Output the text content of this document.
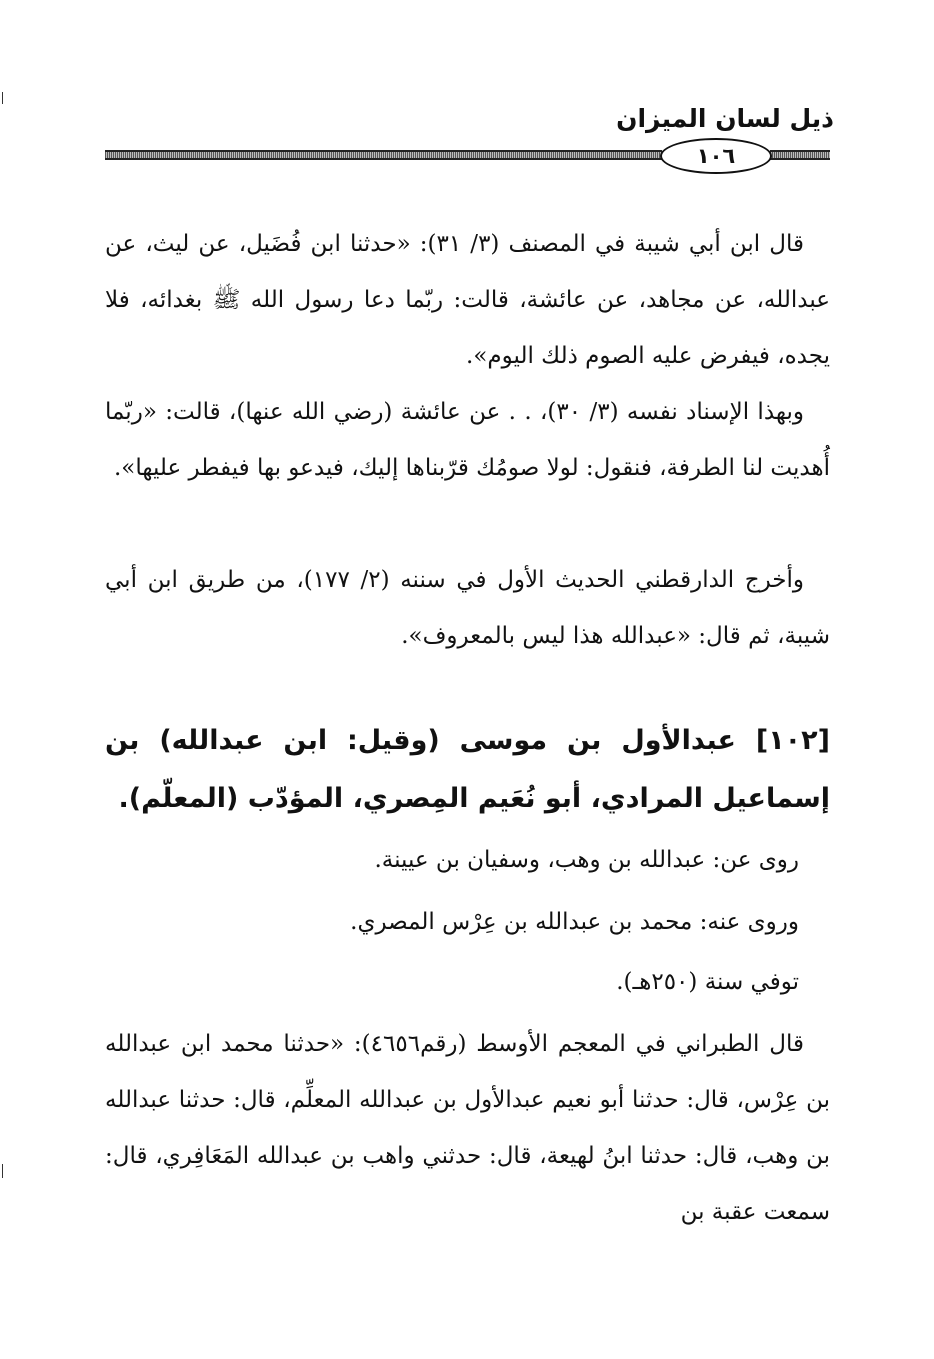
ذيل لسان الميزان
١٠٦

قال ابن أبي شيبة في المصنف (٣/ ٣١): «حدثنا ابن فُضَيل، عن ليث، عن عبدالله، عن مجاهد، عن عائشة، قالت: ربّما دعا رسول الله ﷺ بغدائه، فلا يجده، فيفرض عليه الصوم ذلك اليوم».

وبهذا الإسناد نفسه (٣/ ٣٠)، . . عن عائشة (رضي الله عنها)، قالت: «ربّما أُهديت لنا الطرفة، فنقول: لولا صومُك قرّبناها إليك، فيدعو بها فيفطر عليها».

وأخرج الدارقطني الحديث الأول في سننه (٢/ ١٧٧)، من طريق ابن أبي شيبة، ثم قال: «عبدالله هذا ليس بالمعروف».

[١٠٢] عبدالأول بن موسى (وقيل: ابن عبدالله) بن إسماعيل المرادي، أبو نُعَيم المِصري، المؤدّب (المعلّم).

روى عن: عبدالله بن وهب، وسفيان بن عيينة.
وروى عنه: محمد بن عبدالله بن عِرْس المصري.
توفي سنة (٢٥٠هـ).

قال الطبراني في المعجم الأوسط (رقم٤٦٥٦): «حدثنا محمد ابن عبدالله بن عِرْس، قال: حدثنا أبو نعيم عبدالأول بن عبدالله المعلِّم، قال: حدثنا عبدالله بن وهب، قال: حدثنا ابنُ لهيعة، قال: حدثني واهب بن عبدالله المَعَافِري، قال: سمعت عقبة بن
